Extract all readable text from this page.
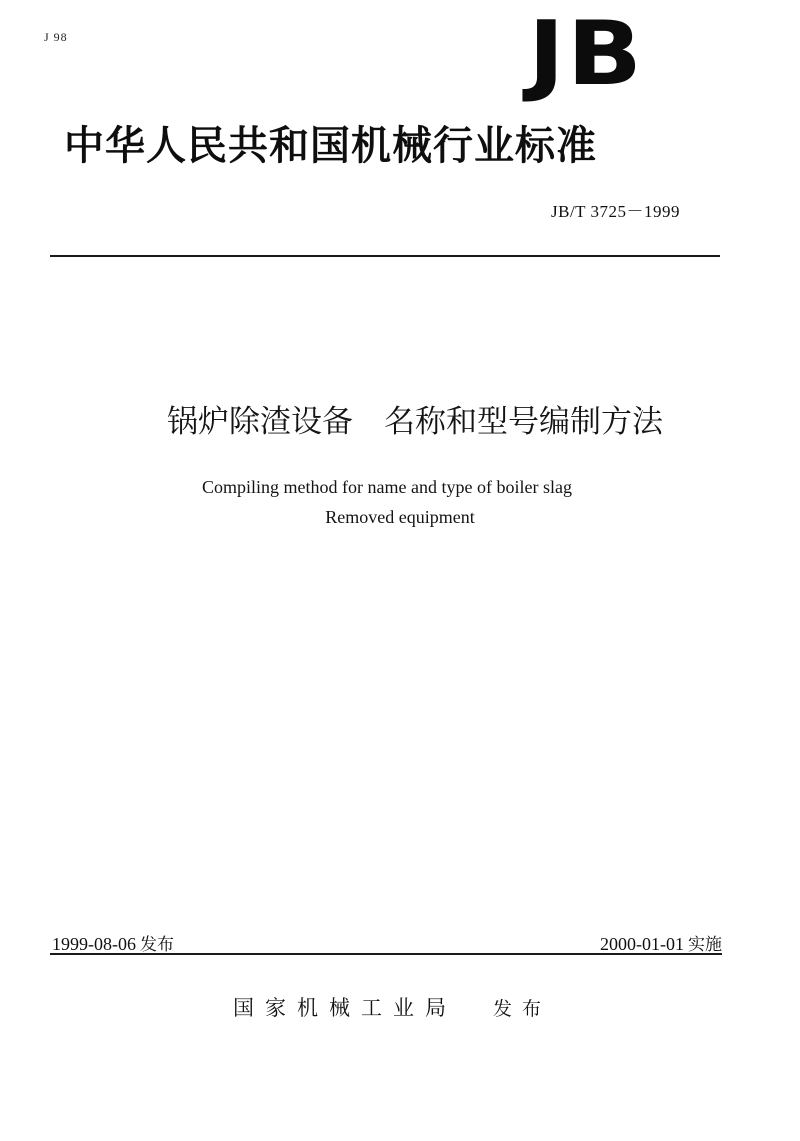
J 98	JB
中华人民共和国机械行业标准
JB/T 3725－1999
锅炉除渣设备　名称和型号编制方法
Compiling method for name and type of boiler slag
Removed equipment
1999-08-06 发布	2000-01-01 实施
国家机械工业局 发布
